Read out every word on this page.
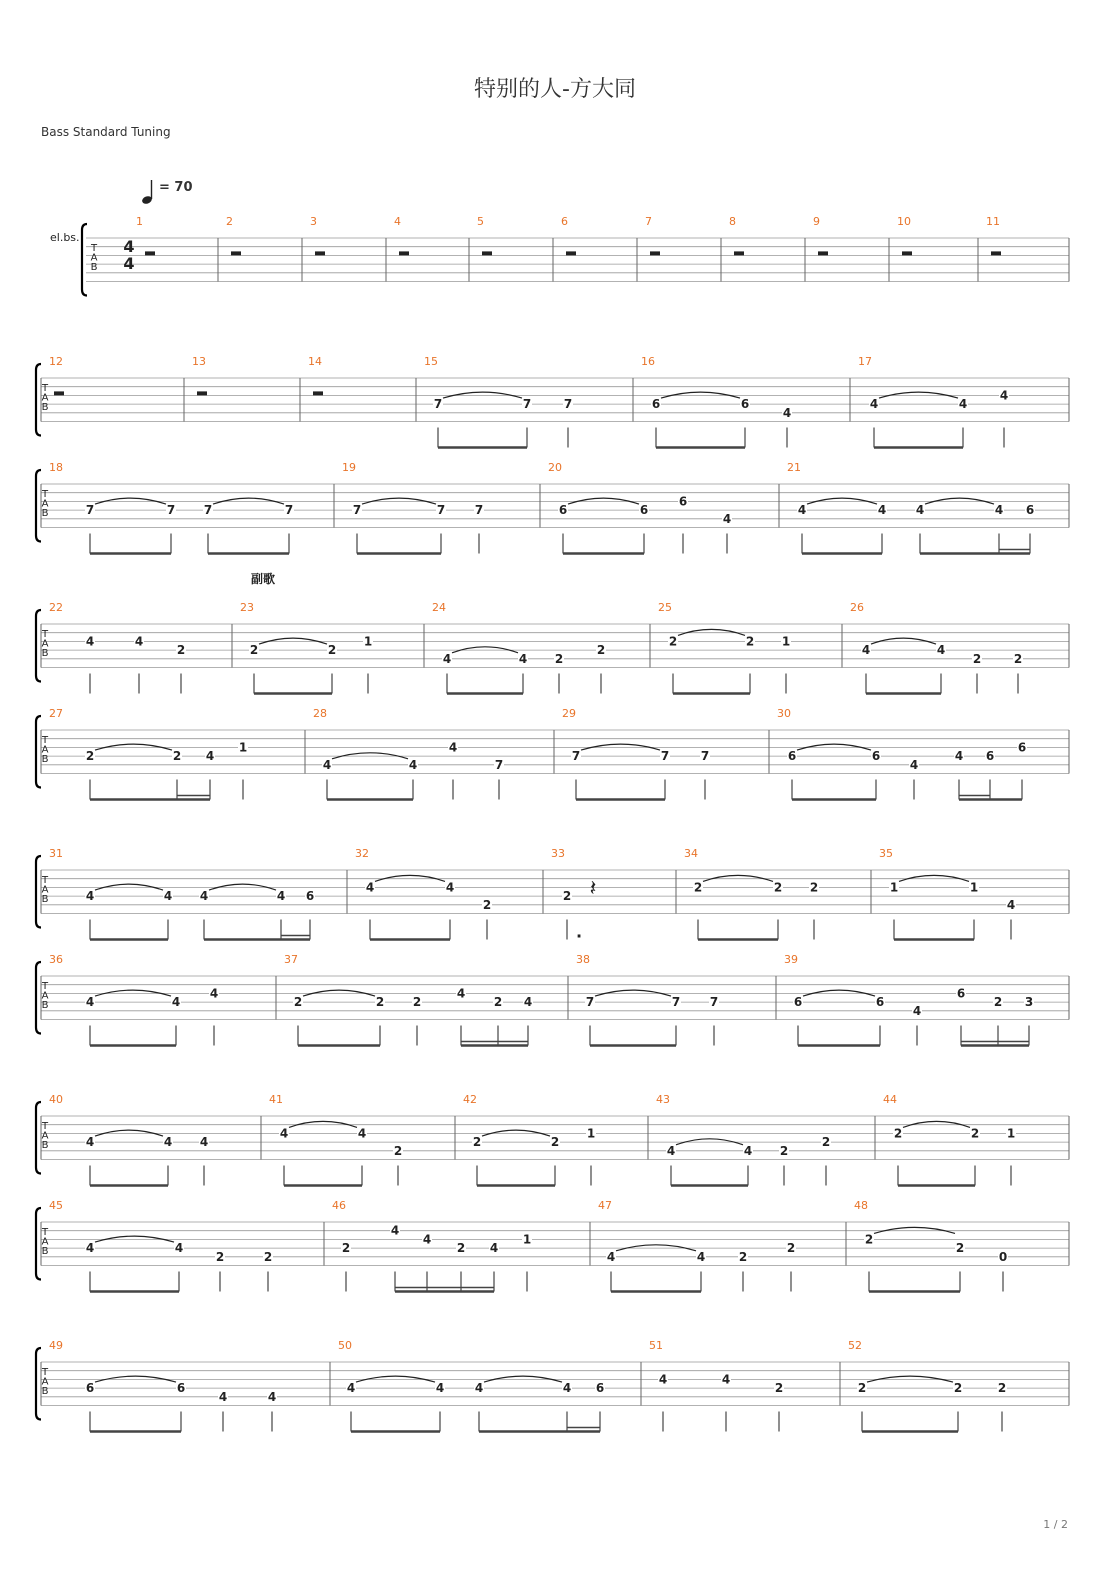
特别的人-方大同
Bass Standard Tuning
= 70
1 / 2
T
A
B
el.bs.	4
4
1	2	3	4	5	6	7	8	9	10	11
T
A
B
12	13	14	15
7	7	7
16
6	6
4
17
4	4
4
T
A
B
18
7	7 7	7
19
7	7 7
20
6	6
6
4
21
4	4 4	4 6
T
A
B
22
4	4
2
23
2	2
1
24
4	4 2
2
25
2	2 1
26
4	4
2	2
T
A
B
27
2	2 4
1
28
4	4
4
7
29
7	7	7
30
6	6
4
4 6
6
T
A
B
31
4	4 4	4 6
32
4	4
2
33
2
.
𝄽
34
2	2 2
35
1	1
4
T
A
B
36
4	4
4
37
2	2 2
4
2 4
38
7	7 7
39
6	6
4
6
2 3
T
A
B
40
4	4 4
41
4	4
2
42
2	2
1
43
4	4 2
2
44
2	2 1
T
A
B
45
4	4
2	2
46
2
4
4
2 4
1
47
4	4	2
2
48
2
2
0
T
A
B
49
6	6
4	4
50
4	4	4	4 6
51
4	4
2
52
2	2	2
副歌
